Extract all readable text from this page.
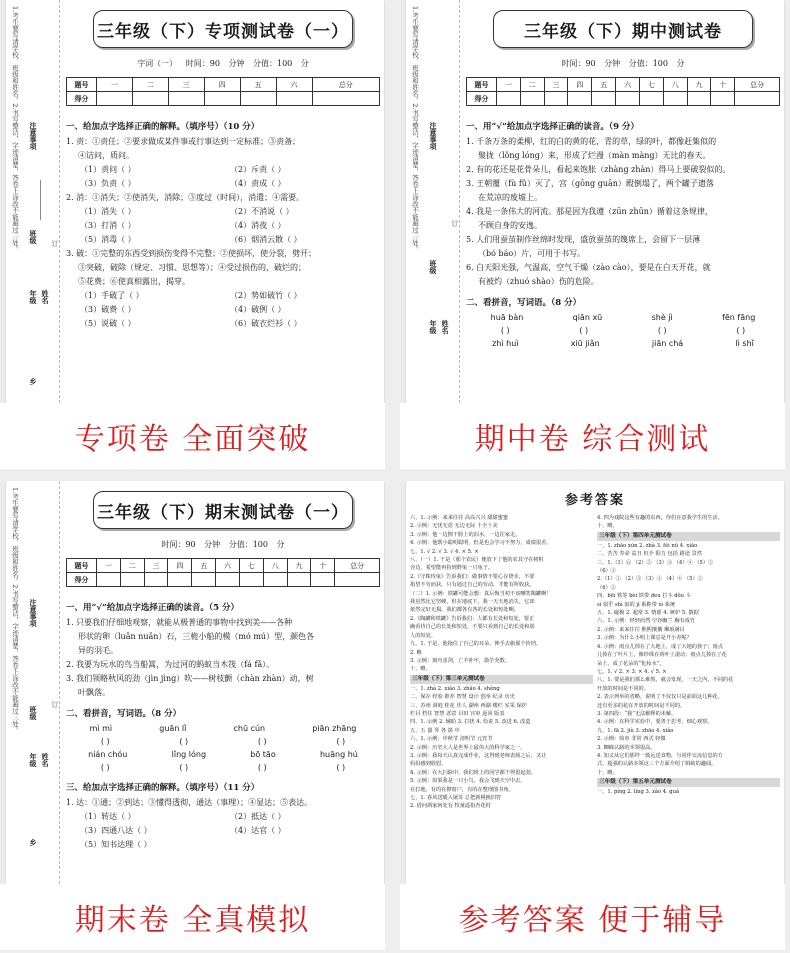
1.考生要写清学校、班级和姓名。2.书写整洁，字迹清楚，答卷上涂改不能超过三处。 注意事项
班级
年级 姓名
订
乡
三年级（下）专项测试卷（一）
字词（一） 时间：90 分钟 分值：100 分
题号	一	二	三	四	五	六	总分
得分							
一、给加点字选择正确的解释。（填序号）（10 分）
1. 责：①责任；②要求做成某件事或行事达到一定标准；③责备；
④诘问，质问。
（1）责问（ ）	（2）斥责（ ）
（3）负责（ ）	（4）责成（ ）
2. 消：①消失；②使消失，消除；③度过（时间），消遣；④需要。
（1）消失（ ）	（2）不消说（ ）
（3）打消（ ）	（4）消夜（ ）
（5）消毒（ ）	（6）烟消云散（ ）
3. 破：①完整的东西受到损伤变得不完整；②使损坏，使分裂，劈开；
③突破，破除（规定、习惯、思想等）；④受过损伤的，破烂的；
⑤花费；⑥使真相露出，揭穿。
（1）手破了（ ）	（2）势如破竹（ ）
（3）破费（ ）	（4）破例（ ）
（5）说破（ ）	（6）破衣烂衫（ ）
专项卷 全面突破
1.考生要写清学校、班级和姓名。2.书写整洁，字迹清楚，答卷上涂改不能超过三处。 注意事项
班级
年级 姓名
订
三年级（下）期中测试卷
时间：90 分钟 分值：100 分
题号	一	二	三	四	五	六	七	八	九	十	总分
得分											
一、用“√”给加点字选择正确的读音。（9 分）
1. 千条万条的柔柳，红的白的黄的花，青的草，绿的叶，都像赶集似的
聚拢（lǒng lóng）来，形成了烂漫（màn màng）无比的春天。
2. 有的花还是花骨朵儿，看起来饱胀（zhàng zhàn）得马上要破裂似的。
3. 王朝覆（fù fǔ）灭了，宫（gōng guān）殿倒塌了，两个罐子遗落
在荒凉的废墟上。
4. 我是一条伟大的河流。那是因为我遵（zūn zhūn）循着这条规律，
不顾自身的安逸。
5. 人们用蚕茧制作丝绵时发现，盛放蚕茧的篾席上，会留下一层薄
（bó báo）片，可用于书写。
6. 白天阳光强，气温高，空气干燥（zào cào），要是在白天开花，就
有被灼（zhuó shào）伤的危险。
二、看拼音，写词语。（8 分）
huā bàn	qiān xū	shè jì	fēn fāng
( )	( )	( )	( )
zhì huì	xiū jiǎn	jiān chá	lì shǐ
期中卷 综合测试
1.考生要写清学校、班级和姓名。2.书写整洁，字迹清楚，答卷上涂改不能超过三处。 注意事项
班级
年级 姓名
订
乡
三年级（下）期末测试卷（一）
时间：90 分钟 分值：100 分
题号	一	二	三	四	五	六	七	八	九	十	总分
得分											
一、用“√”给加点字选择正确的读音。（5 分）
1. 只要我们仔细地观察，就能从极普通的事物中找到美——各种
形状的卵（luǎn nuǎn）石，三桅小船的模（mó mú）型，颜色各
异的羽毛。
2. 我要为玩水的鸟当船篙，为过河的蚂蚁当木筏（fá fǎ）。
3. 我们领略秋风的劲（jìn jìng）吹——树枝颤（chàn zhàn）动，树
叶飘落。
二、看拼音，写词语。（8 分）
mì mì	guān lǐ	chū cún	piān zhāng
( )	( )	( )	( )
nián chóu	lǐng lóng	bō tāo	huāng hú
( )	( )	( )	( )
三、给加点字选择正确的解释。（填序号）（11 分）
1. 达：①通；②到达；③懂得透彻，通达（事理）；④显达；⑤表达。
（1）转达（ ）	（2）抵达（ ）
（3）四通八达（ ）	（4）达官（ ）
（5）知书达理（ ）
期末卷 全真模拟
参考答案
六、1. 示例：来来往往 高高兴兴 甜甜蜜蜜
2. 示例：无忧无虑 无边无际 十全十美
3. 示例：他一边擦干脸上的泪水，一边往家走。
4. 示例：他既小聪明聪明，但是也会学习不努力，成绩很差。
七、1. √ 2. √ 3. √ 4. × 5. ×
八、（一）1. 干是（那个农民）便放下了他的农具守在树桩
旁边，希望能再捡到野兔一只兔子。
2.《守株待兔》告诉我们：做事情不要心存侥幸，不要
指望不劳而获，只有通过自己的劳动，才能有所收获。
（二）1. 示例：铁罐可能会想：真后悔当初不该嘲笑陶罐啊！
我虽然比它坚硬，但在地底下，我一天天地消失，它却
依然完好无损。我们都各有各的长处和短处啊。
2.《陶罐和铁罐》告诉我们：人都有长处和短处，要正
确看待自己的长处和短处，不要只看到自己的长处和别
人的短处。
九、1. 于是，他拖住了自己的耳朵，伸手去偷那个铃铛。
2. 略
3. 示例：刻舟求剑，亡羊补牢，滥竽充数。
十、略。
三年级（下）第三单元测试卷
一、1. zhà 2. xiǎo 3. zhǎo 4. shěng
二、保存 经验 推荐 智慧 设计 创举 纪录 历史
三、苏州 洞庭 桂花 佳人 湖州 西湖 楼栏 室采 保护
栏目 档住 智慧 恶意 目田 宫审 返回 版表
四、1. 示例 2. 辅助 3. 打扰 4. 恰说 5. 改进 6. 改造
五、五 嚣 琴 各 箭 中
六、1. 示例：中秋节 清明节 元宵节
2. 示例：历史大人是世界上最伟大的科学家之一。
3. 示例：我每天认真完成作业，这得到老师表扬之后，又让
妈妈感到欣慰。
4. 示例：在大扫除中，我们班上的同学都干得很起劲。
5. 示例：如果我是一只小鸟，我会飞到天空中去。
在打地，有的在擦窗户，有的在整理图书角。
七、1. 春风送暖入屠苏 总把新桃换旧符
2. 借问酒家何处有 牧童遥指杏花村
4. 四为戏院这些有趣的东西，你们在意我学生的生活。
十、略。
三年级（下）第四单元测试卷
一、1. zhāo xún 2. zhà 3. fèi nǔ 4. xiǎo
二、苦苦 寿命 益丑 恒介 阳力 包括 路途 景然
三、1.（1）⑥ （2）⑤ （3）③ （4）④ （5）②
（6）①
2.（1）① （2）⑤ （3）③ （4）④ （5）②
（6）①
四、bēi 铁等 bèi 铁带 deu 打斗 dǒu 斗
sì 似乎 shì 似的 jì 系鞋带 xì 系统
五、1. 磁极 2. 超常 3. 情愿 4. 嫉妒 5. 散据
六、1. 示例：轻轻而然 空谷幽兰 胸有成竹
2. 示例：来来往往 熙熙攘攘 琳琅满目
3. 示例：为什么小明上课总是开小差呢？
4. 示例：雨点儿掉在了大地上，成了大地的孩子；雨点
儿掉在了叶片上，像珍珠在荷叶上滚动；雨点儿掉在了花
朵上，成了花朵的“化妆水”。
七、1. √ 2. × 3. × 4. √ 5. ×
八、1. 要是我们那么难熬，就会发现，一天之内，不同的花
开放的时间是不同的。
2. 表示列举的省略，说明了不仅仅只是前面这几种花，
还有更多的花在开放的时间是不同的。
3. 第四段：“我”无法解释的未解。
4. 示例：在科学实验中，要善于思考，细心观察。
九、1. fā 2. jiù 3. zhāo 4. xiǎo
2. 示例：简单 非常 西式 轻微
3. 蜘蛛认路的本领很高。
4. 知义从它们那样一致远送食物，与同伴交流信息的方
式，超强的认路本领这三个方面介绍了蚂蚁的趣闻。
十、略。
三年级（下）第五单元测试卷
一、1. píng 2. líng 3. zǎo 4. guǎ
参考答案 便于辅导
